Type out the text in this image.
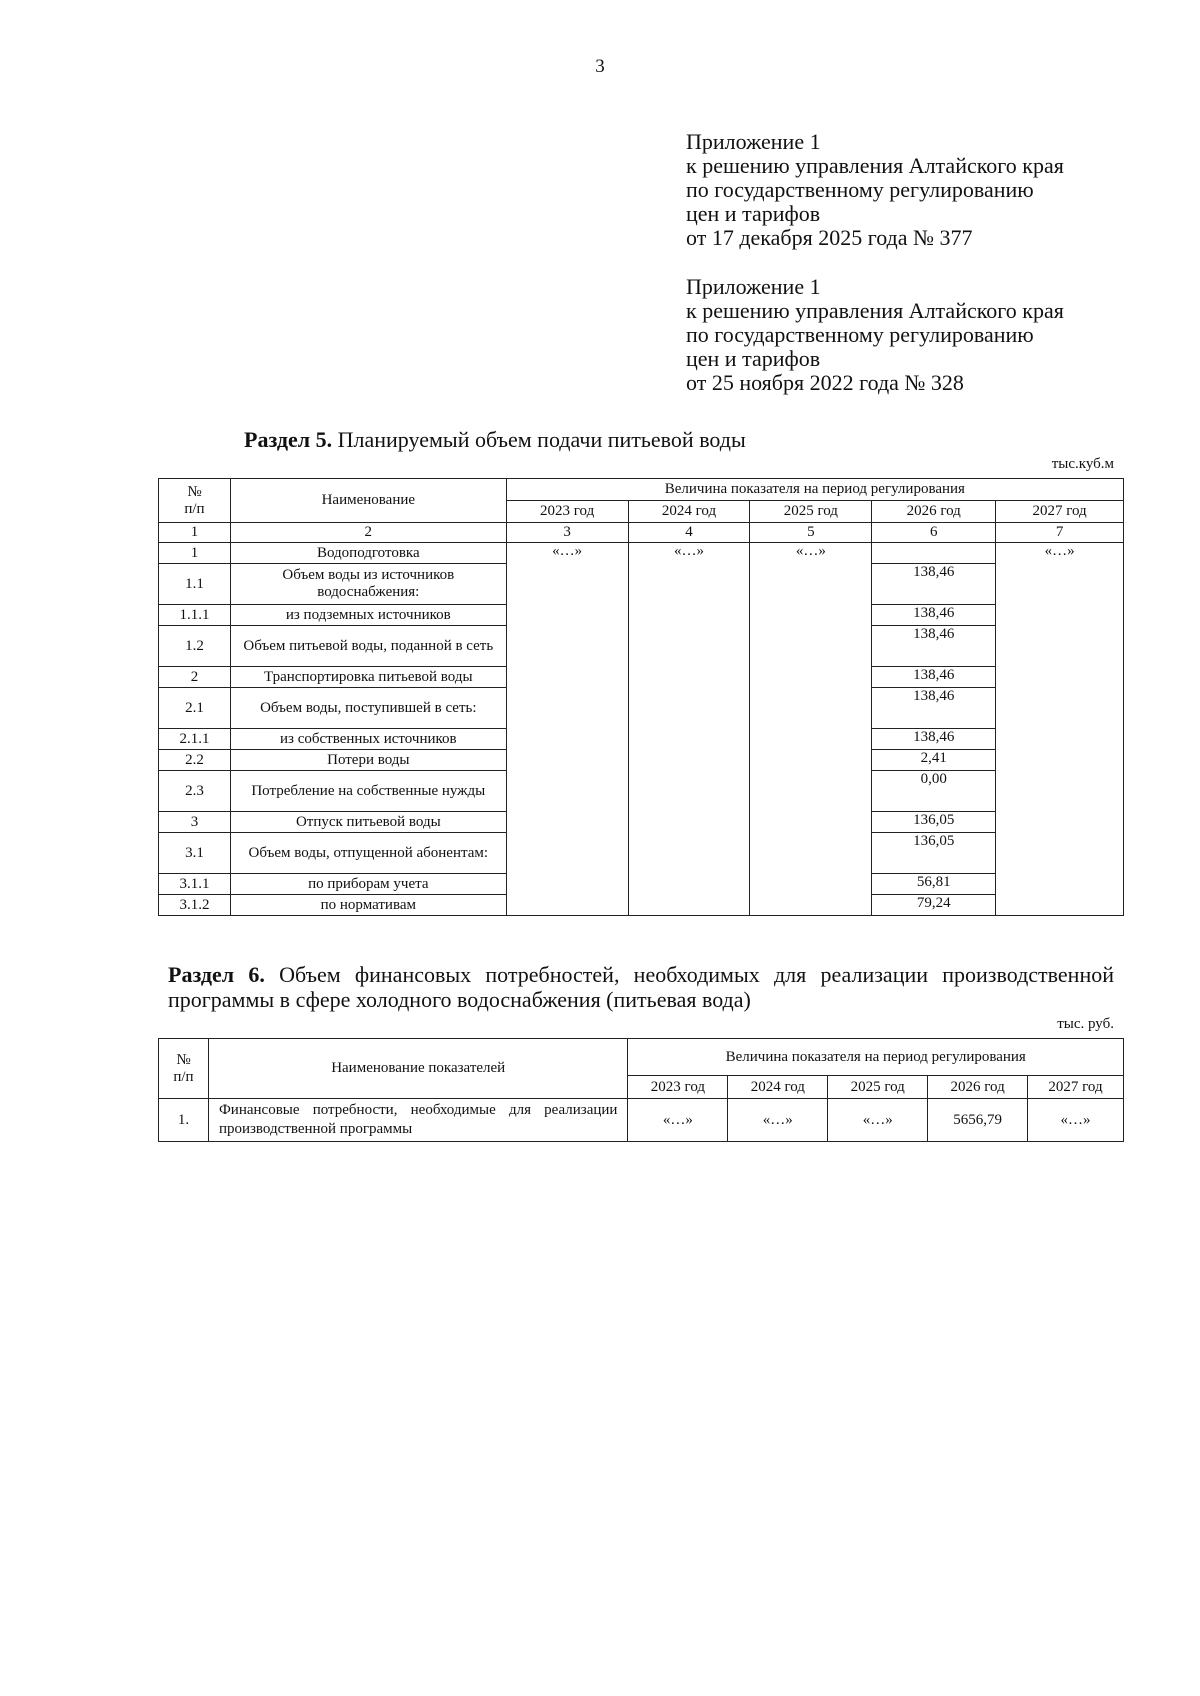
3
Приложение 1
к решению управления Алтайского края
по государственному регулированию
цен и тарифов
от 17 декабря 2025 года № 377
Приложение 1
к решению управления Алтайского края
по государственному регулированию
цен и тарифов
от 25 ноября 2022 года № 328
Раздел 5. Планируемый объем подачи питьевой воды
тыс.куб.м
№
п/п	Наименование	Величина показателя на период регулирования				
		2023 год	2024 год	2025 год	2026 год	2027 год
1	2	3	4	5	6	7
1	Водоподготовка	«…»	«…»	«…»		«…»
1.1	Объем воды из источников водоснабжения:				138,46	
1.1.1	из подземных источников				138,46	
1.2	Объем питьевой воды, поданной в сеть				138,46	
2	Транспортировка питьевой воды				138,46	
2.1	Объем воды, поступившей в сеть:				138,46	
2.1.1	из собственных источников				138,46	
2.2	Потери воды				2,41	
2.3	Потребление на собственные нужды				0,00	
3	Отпуск питьевой воды				136,05	
3.1	Объем воды, отпущенной абонентам:				136,05	
3.1.1	по приборам учета				56,81	
3.1.2	по нормативам				79,24	
Раздел 6. Объем финансовых потребностей, необходимых для реализации производственной программы в сфере холодного водоснабжения (питьевая вода)
тыс. руб.
№
п/п	Наименование показателей	Величина показателя на период регулирования				
		2023 год	2024 год	2025 год	2026 год	2027 год
1.	Финансовые потребности, необходимые для реализации производственной программы	«…»	«…»	«…»	5656,79	«…»
